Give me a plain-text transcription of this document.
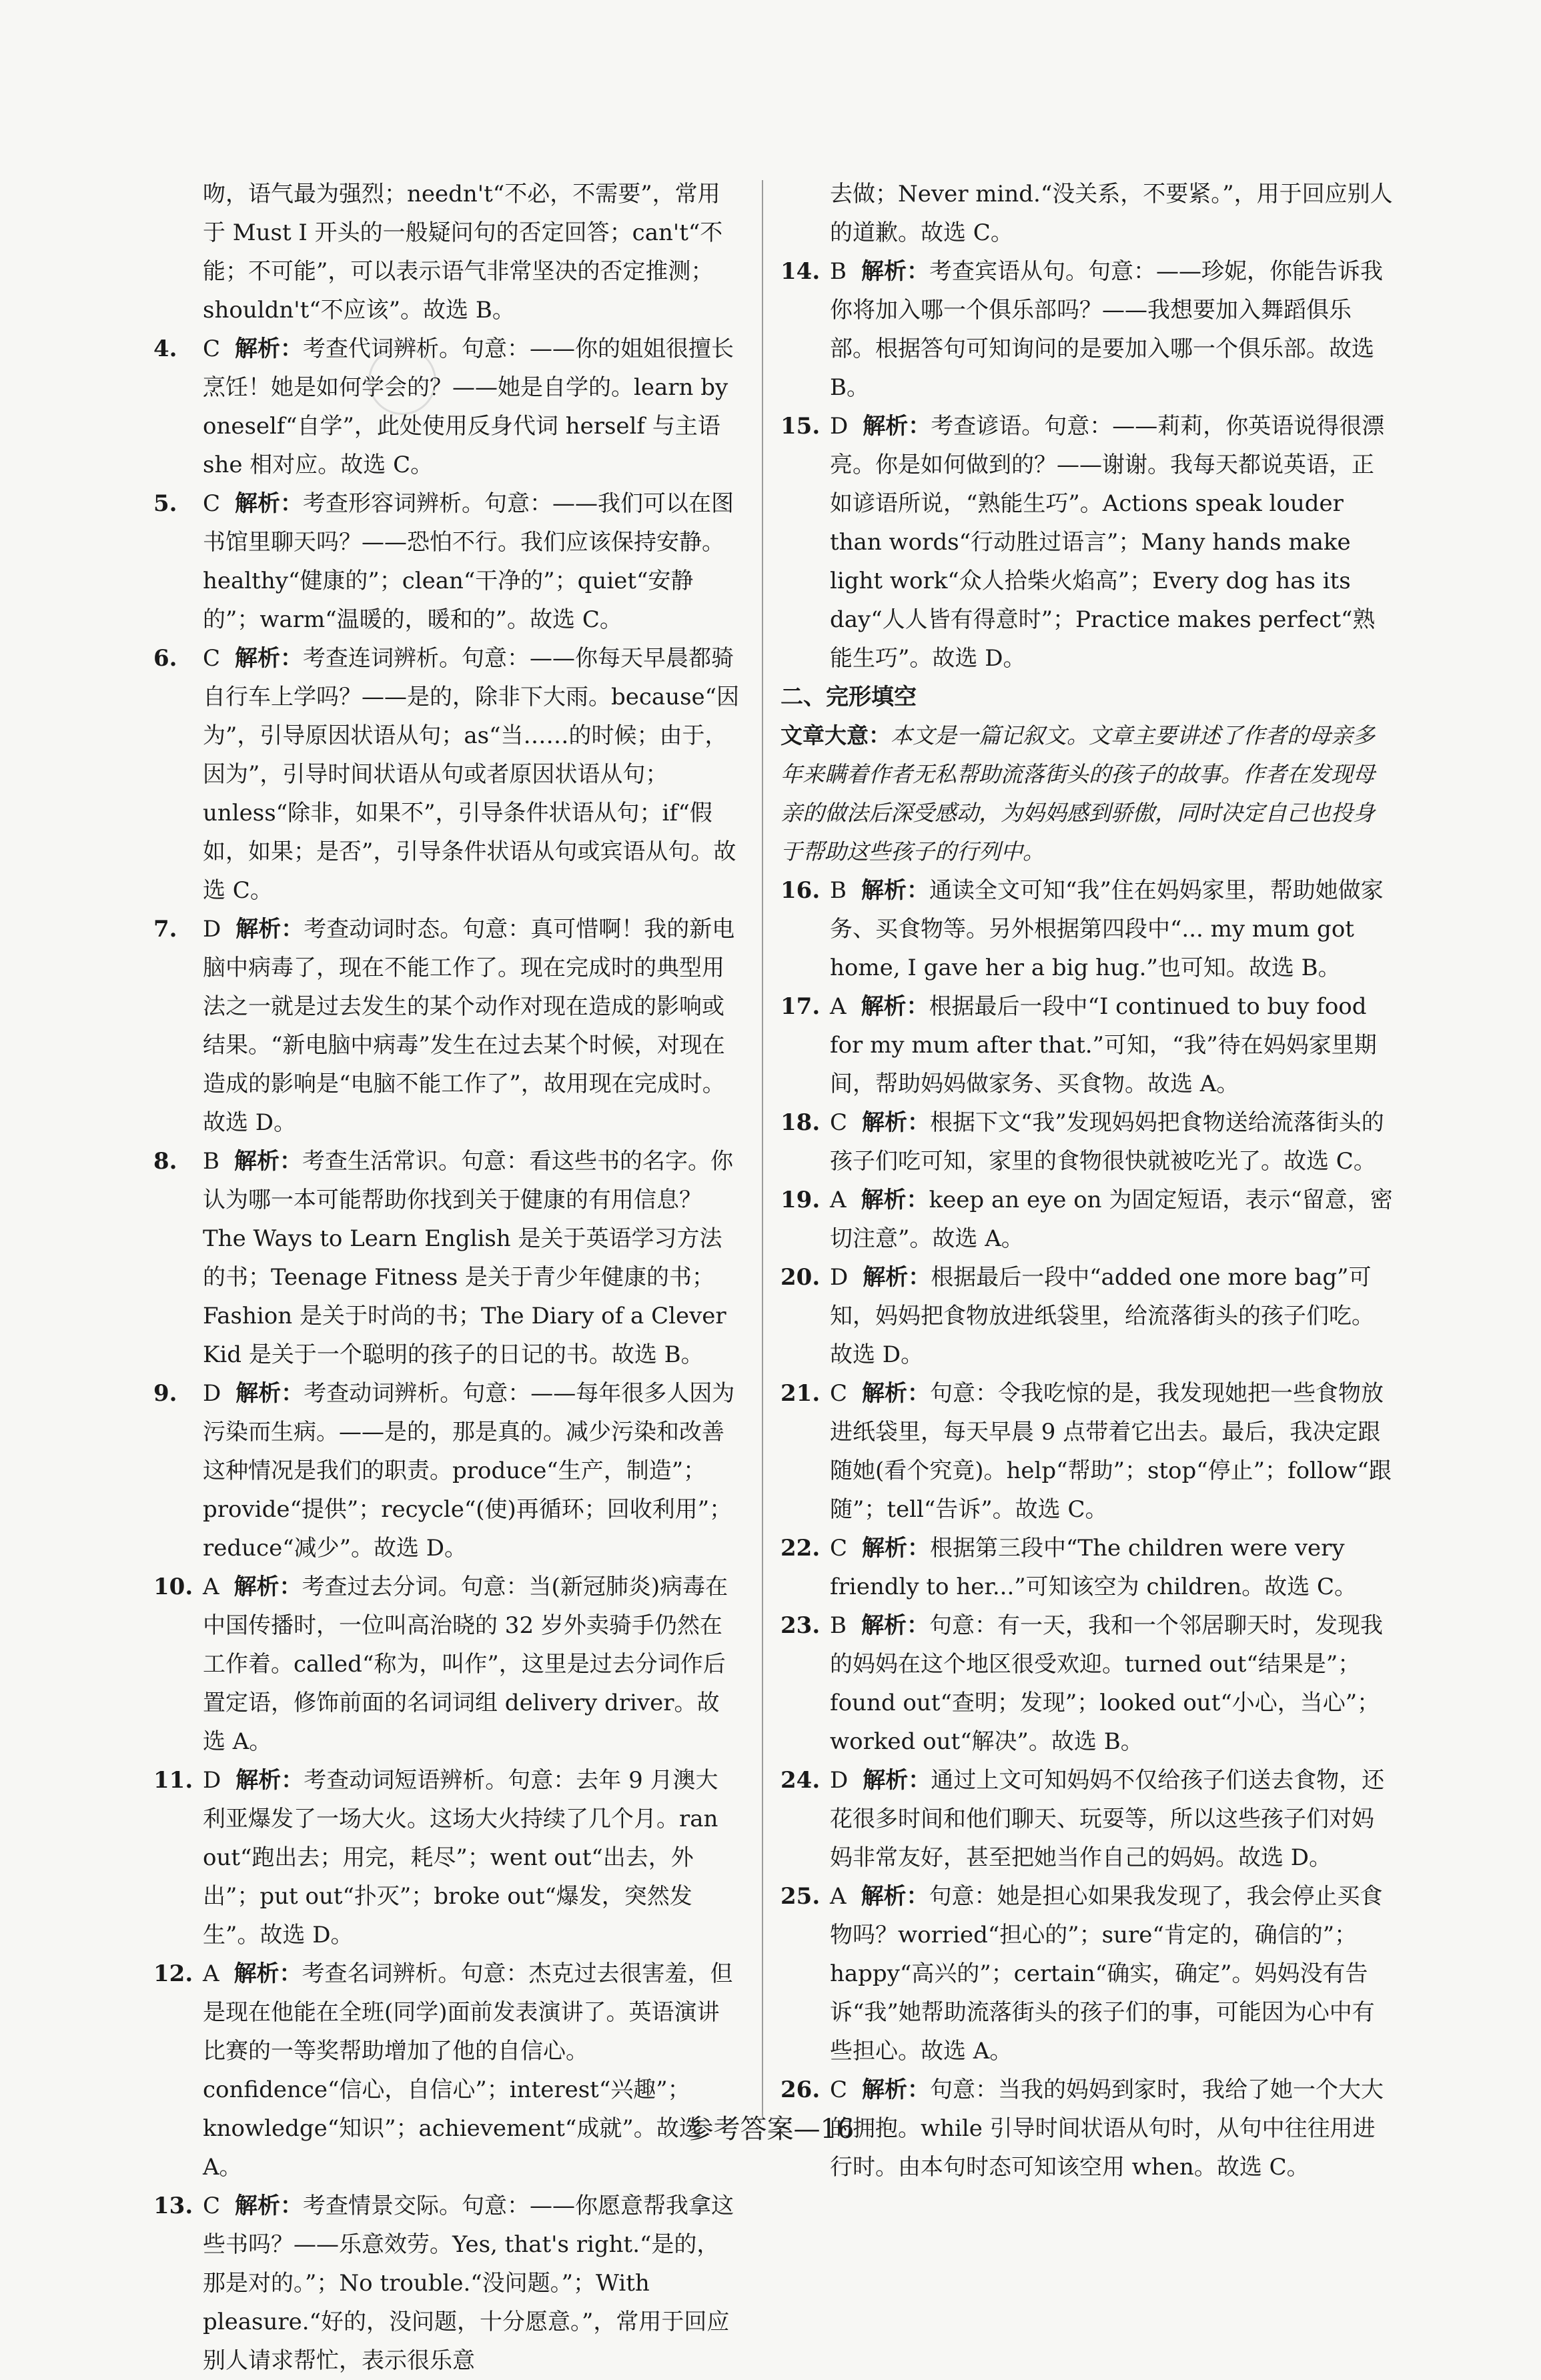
吻，语气最为强烈；needn't“不必，不需要”，常用于 Must I 开头的一般疑问句的否定回答；can't“不能；不可能”，可以表示语气非常坚决的否定推测；shouldn't“不应该”。故选 B。

4. C 解析：考查代词辨析。句意：——你的姐姐很擅长烹饪！她是如何学会的？——她是自学的。learn by oneself“自学”，此处使用反身代词 herself 与主语 she 相对应。故选 C。

5. C 解析：考查形容词辨析。句意：——我们可以在图书馆里聊天吗？——恐怕不行。我们应该保持安静。healthy“健康的”；clean“干净的”；quiet“安静的”；warm“温暖的，暖和的”。故选 C。

6. C 解析：考查连词辨析。句意：——你每天早晨都骑自行车上学吗？——是的，除非下大雨。because“因为”，引导原因状语从句；as“当……的时候；由于，因为”，引导时间状语从句或者原因状语从句；unless“除非，如果不”，引导条件状语从句；if“假如，如果；是否”，引导条件状语从句或宾语从句。故选 C。

7. D 解析：考查动词时态。句意：真可惜啊！我的新电脑中病毒了，现在不能工作了。现在完成时的典型用法之一就是过去发生的某个动作对现在造成的影响或结果。“新电脑中病毒”发生在过去某个时候，对现在造成的影响是“电脑不能工作了”，故用现在完成时。故选 D。

8. B 解析：考查生活常识。句意：看这些书的名字。你认为哪一本可能帮助你找到关于健康的有用信息？The Ways to Learn English 是关于英语学习方法的书；Teenage Fitness 是关于青少年健康的书；Fashion 是关于时尚的书；The Diary of a Clever Kid 是关于一个聪明的孩子的日记的书。故选 B。

9. D 解析：考查动词辨析。句意：——每年很多人因为污染而生病。——是的，那是真的。减少污染和改善这种情况是我们的职责。produce“生产，制造”；provide“提供”；recycle“(使)再循环；回收利用”；reduce“减少”。故选 D。

10. A 解析：考查过去分词。句意：当(新冠肺炎)病毒在中国传播时，一位叫高治晓的 32 岁外卖骑手仍然在工作着。called“称为，叫作”，这里是过去分词作后置定语，修饰前面的名词词组 delivery driver。故选 A。

11. D 解析：考查动词短语辨析。句意：去年 9 月澳大利亚爆发了一场大火。这场大火持续了几个月。ran out“跑出去；用完，耗尽”；went out“出去，外出”；put out“扑灭”；broke out“爆发，突然发生”。故选 D。

12. A 解析：考查名词辨析。句意：杰克过去很害羞，但是现在他能在全班(同学)面前发表演讲了。英语演讲比赛的一等奖帮助增加了他的自信心。confidence“信心，自信心”；interest“兴趣”；knowledge“知识”；achievement“成就”。故选 A。

13. C 解析：考查情景交际。句意：——你愿意帮我拿这些书吗？——乐意效劳。Yes, that's right.“是的，那是对的。”；No trouble.“没问题。”；With pleasure.“好的，没问题，十分愿意。”，常用于回应别人请求帮忙，表示很乐意

去做；Never mind.“没关系，不要紧。”，用于回应别人的道歉。故选 C。

14. B 解析：考查宾语从句。句意：——珍妮，你能告诉我你将加入哪一个俱乐部吗？——我想要加入舞蹈俱乐部。根据答句可知询问的是要加入哪一个俱乐部。故选 B。

15. D 解析：考查谚语。句意：——莉莉，你英语说得很漂亮。你是如何做到的？——谢谢。我每天都说英语，正如谚语所说，“熟能生巧”。Actions speak louder than words“行动胜过语言”；Many hands make light work“众人拾柴火焰高”；Every dog has its day“人人皆有得意时”；Practice makes perfect“熟能生巧”。故选 D。

二、完形填空

文章大意：本文是一篇记叙文。文章主要讲述了作者的母亲多年来瞒着作者无私帮助流落街头的孩子的故事。作者在发现母亲的做法后深受感动，为妈妈感到骄傲，同时决定自己也投身于帮助这些孩子的行列中。

16. B 解析：通读全文可知“我”住在妈妈家里，帮助她做家务、买食物等。另外根据第四段中“... my mum got home, I gave her a big hug.”也可知。故选 B。

17. A 解析：根据最后一段中“I continued to buy food for my mum after that.”可知，“我”待在妈妈家里期间，帮助妈妈做家务、买食物。故选 A。

18. C 解析：根据下文“我”发现妈妈把食物送给流落街头的孩子们吃可知，家里的食物很快就被吃光了。故选 C。

19. A 解析：keep an eye on 为固定短语，表示“留意，密切注意”。故选 A。

20. D 解析：根据最后一段中“added one more bag”可知，妈妈把食物放进纸袋里，给流落街头的孩子们吃。故选 D。

21. C 解析：句意：令我吃惊的是，我发现她把一些食物放进纸袋里，每天早晨 9 点带着它出去。最后，我决定跟随她(看个究竟)。help“帮助”；stop“停止”；follow“跟随”；tell“告诉”。故选 C。

22. C 解析：根据第三段中“The children were very friendly to her...”可知该空为 children。故选 C。

23. B 解析：句意：有一天，我和一个邻居聊天时，发现我的妈妈在这个地区很受欢迎。turned out“结果是”；found out“查明；发现”；looked out“小心，当心”；worked out“解决”。故选 B。

24. D 解析：通过上文可知妈妈不仅给孩子们送去食物，还花很多时间和他们聊天、玩耍等，所以这些孩子们对妈妈非常友好，甚至把她当作自己的妈妈。故选 D。

25. A 解析：句意：她是担心如果我发现了，我会停止买食物吗？worried“担心的”；sure“肯定的，确信的”；happy“高兴的”；certain“确实，确定”。妈妈没有告诉“我”她帮助流落街头的孩子们的事，可能因为心中有些担心。故选 A。

26. C 解析：句意：当我的妈妈到家时，我给了她一个大大的拥抱。while 引导时间状语从句时，从句中往往用进行时。由本句时态可知该空用 when。故选 C。

参考答案—16
